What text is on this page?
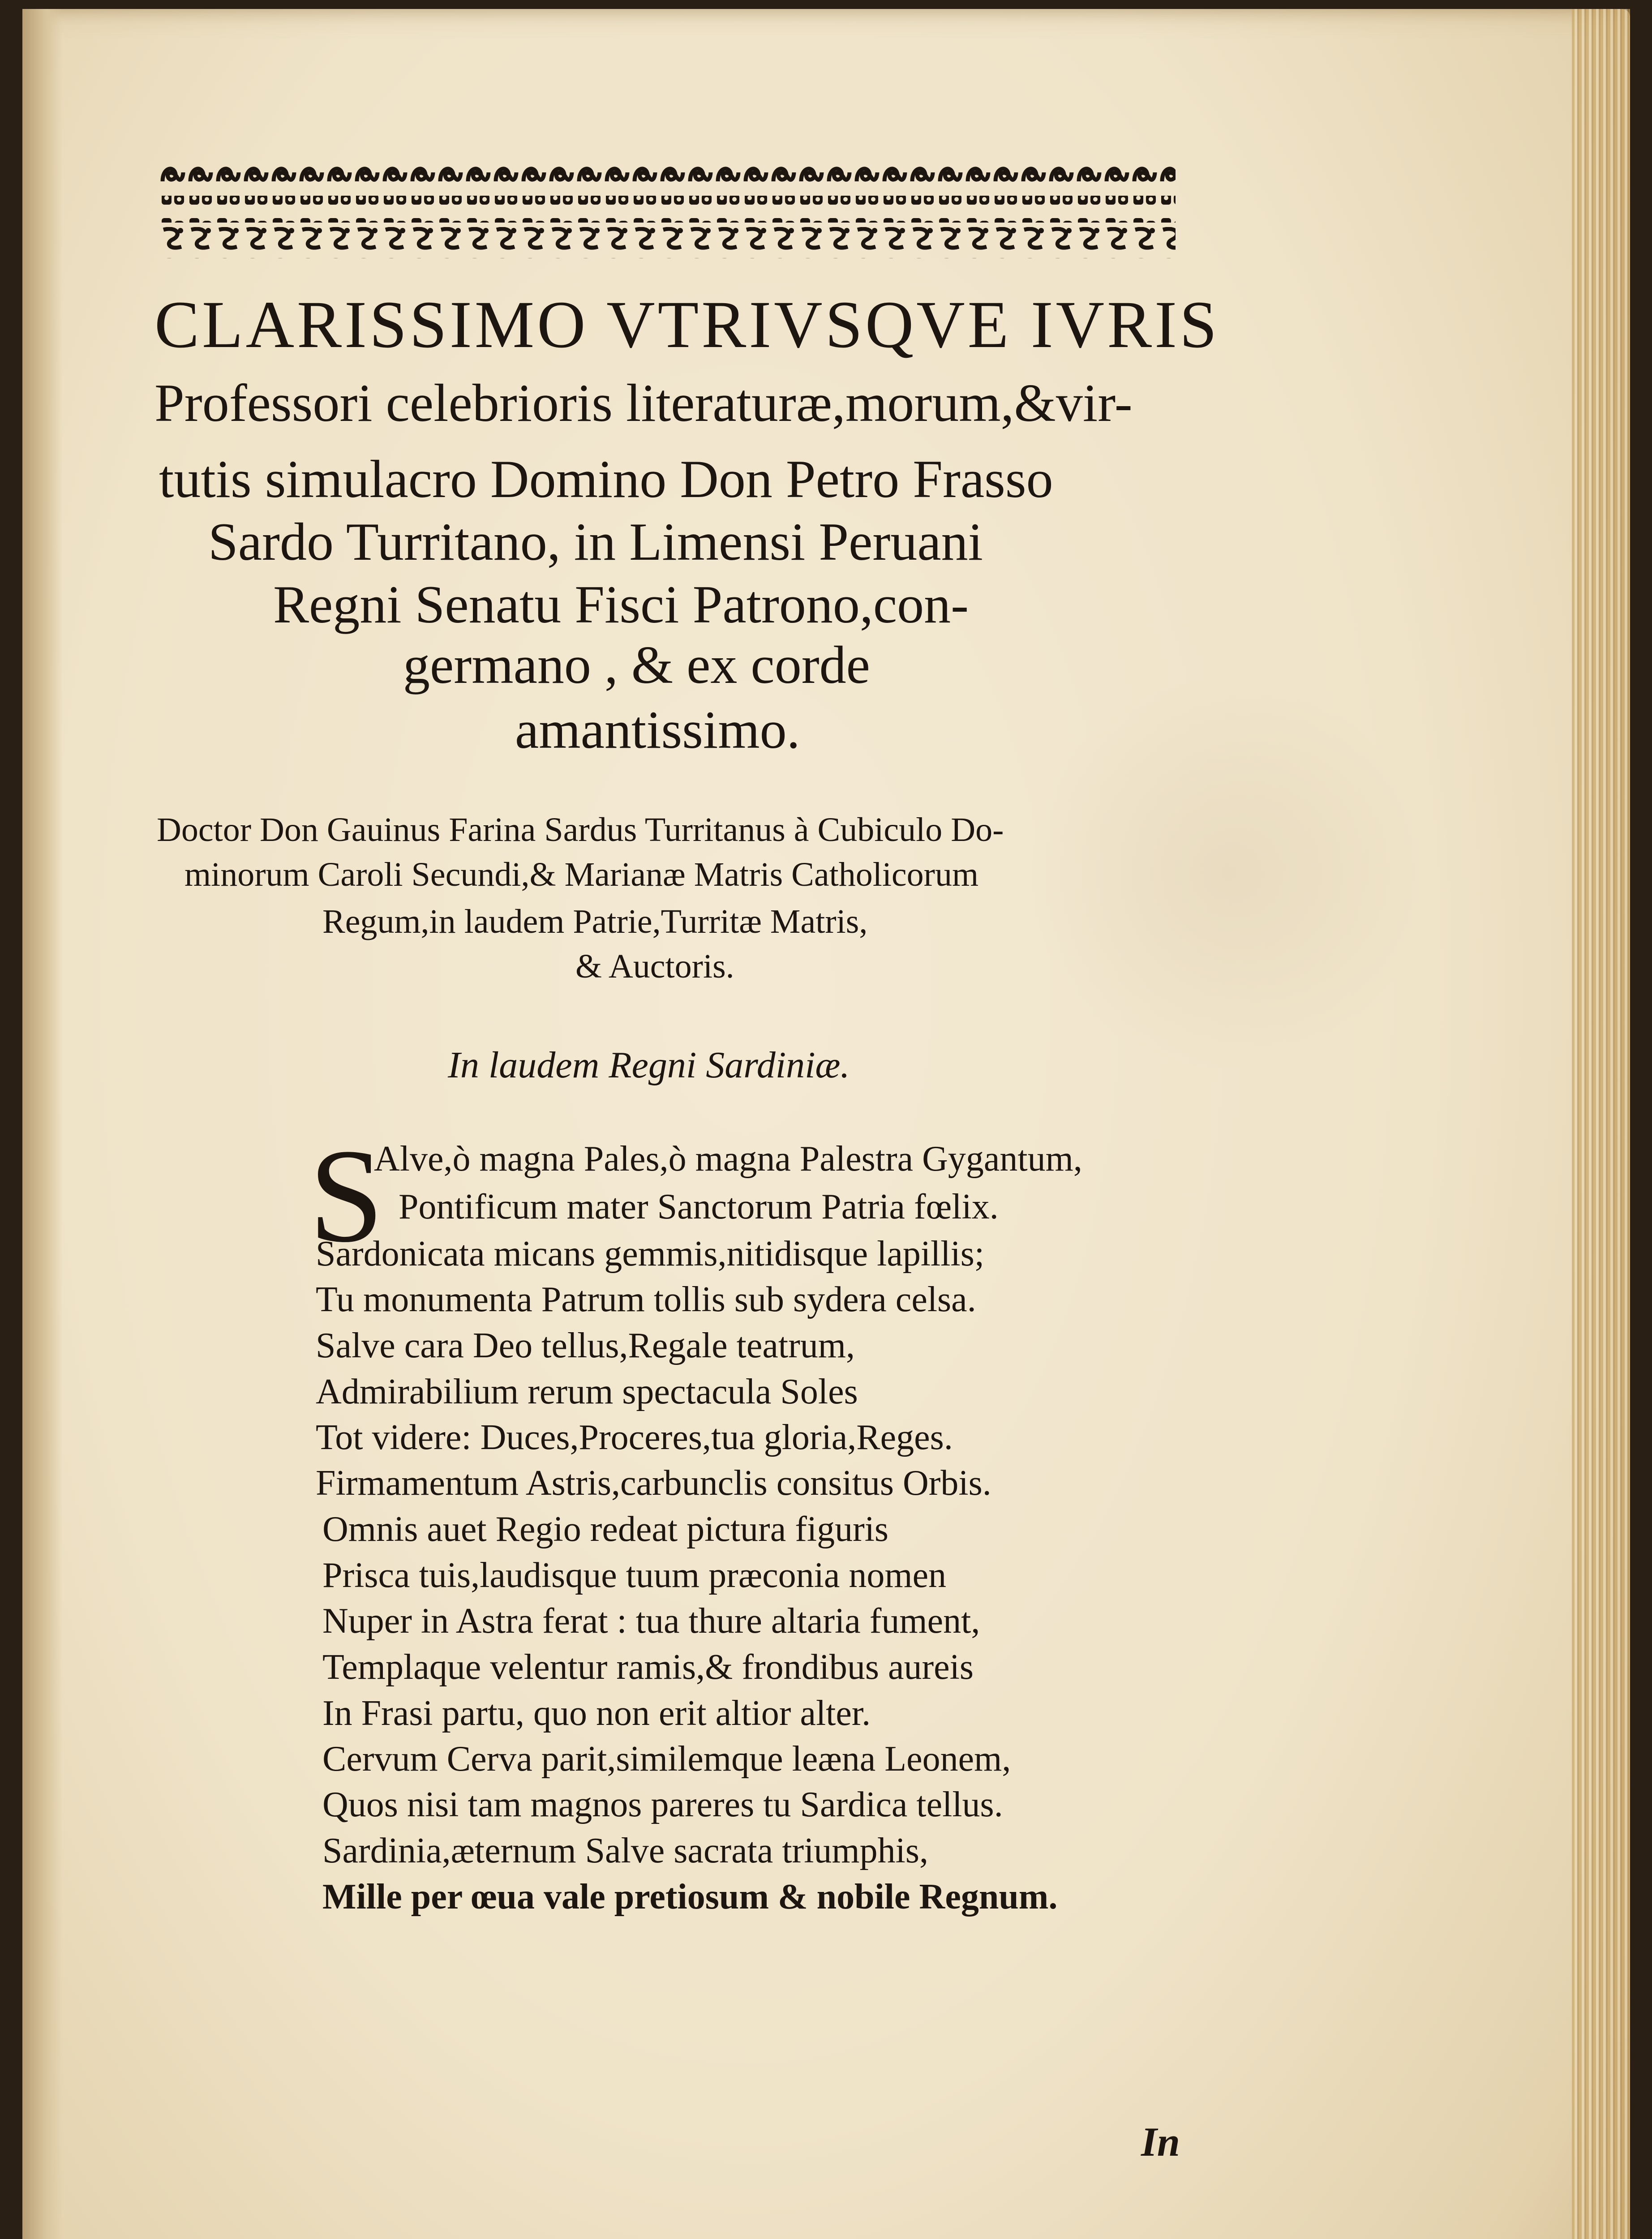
CLARISSIMO VTRIVSQVE IVRIS
Professori celebrioris literaturæ,morum,&vir-
tutis simulacro Domino Don Petro Frasso
Sardo Turritano, in Limensi Peruani
Regni Senatu Fisci Patrono,con-
germano , & ex corde
amantissimo.
Doctor Don Gauinus Farina Sardus Turritanus à Cubiculo Do-
minorum Caroli Secundi,& Marianæ Matris Catholicorum
Regum,in laudem Patrie,Turritæ Matris,
& Auctoris.
In laudem Regni Sardiniæ.
S
Alve,ò magna Pales,ò magna Palestra Gygantum,
Pontificum mater Sanctorum Patria fœlix.
Sardonicata micans gemmis,nitidisque lapillis;
Tu monumenta Patrum tollis sub sydera celsa.
Salve cara Deo tellus,Regale teatrum,
Admirabilium rerum spectacula Soles
Tot videre: Duces,Proceres,tua gloria,Reges.
Firmamentum Astris,carbunclis consitus Orbis.
Omnis auet Regio redeat pictura figuris
Prisca tuis,laudisque tuum præconia nomen
Nuper in Astra ferat : tua thure altaria fument,
Templaque velentur ramis,& frondibus aureis
In Frasi partu, quo non erit altior alter.
Cervum Cerva parit,similemque leæna Leonem,
Quos nisi tam magnos pareres tu Sardica tellus.
Sardinia,æternum Salve sacrata triumphis,
Mille per œua vale pretiosum & nobile Regnum.
In
